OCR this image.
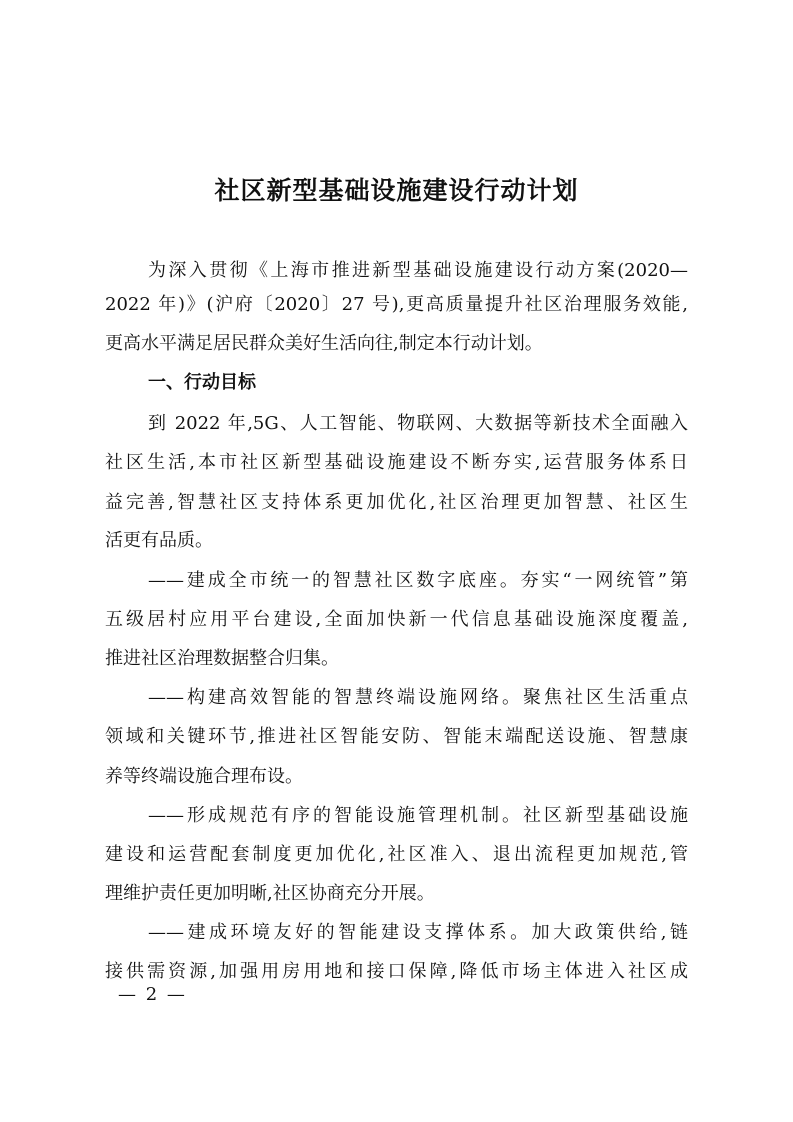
社区新型基础设施建设行动计划
为深入贯彻《上海市推进新型基础设施建设行动方案(2020—
2022 年)》(沪府〔2020〕27 号),更高质量提升社区治理服务效能,
更高水平满足居民群众美好生活向往,制定本行动计划。
一、行动目标
到 2022 年,5G、人工智能、物联网、大数据等新技术全面融入
社区生活,本市社区新型基础设施建设不断夯实,运营服务体系日
益完善,智慧社区支持体系更加优化,社区治理更加智慧、社区生
活更有品质。
——建成全市统一的智慧社区数字底座。夯实“一网统管”第
五级居村应用平台建设,全面加快新一代信息基础设施深度覆盖,
推进社区治理数据整合归集。
——构建高效智能的智慧终端设施网络。聚焦社区生活重点
领域和关键环节,推进社区智能安防、智能末端配送设施、智慧康
养等终端设施合理布设。
——形成规范有序的智能设施管理机制。社区新型基础设施
建设和运营配套制度更加优化,社区准入、退出流程更加规范,管
理维护责任更加明晰,社区协商充分开展。
——建成环境友好的智能建设支撑体系。加大政策供给,链
接供需资源,加强用房用地和接口保障,降低市场主体进入社区成
— 2 —
